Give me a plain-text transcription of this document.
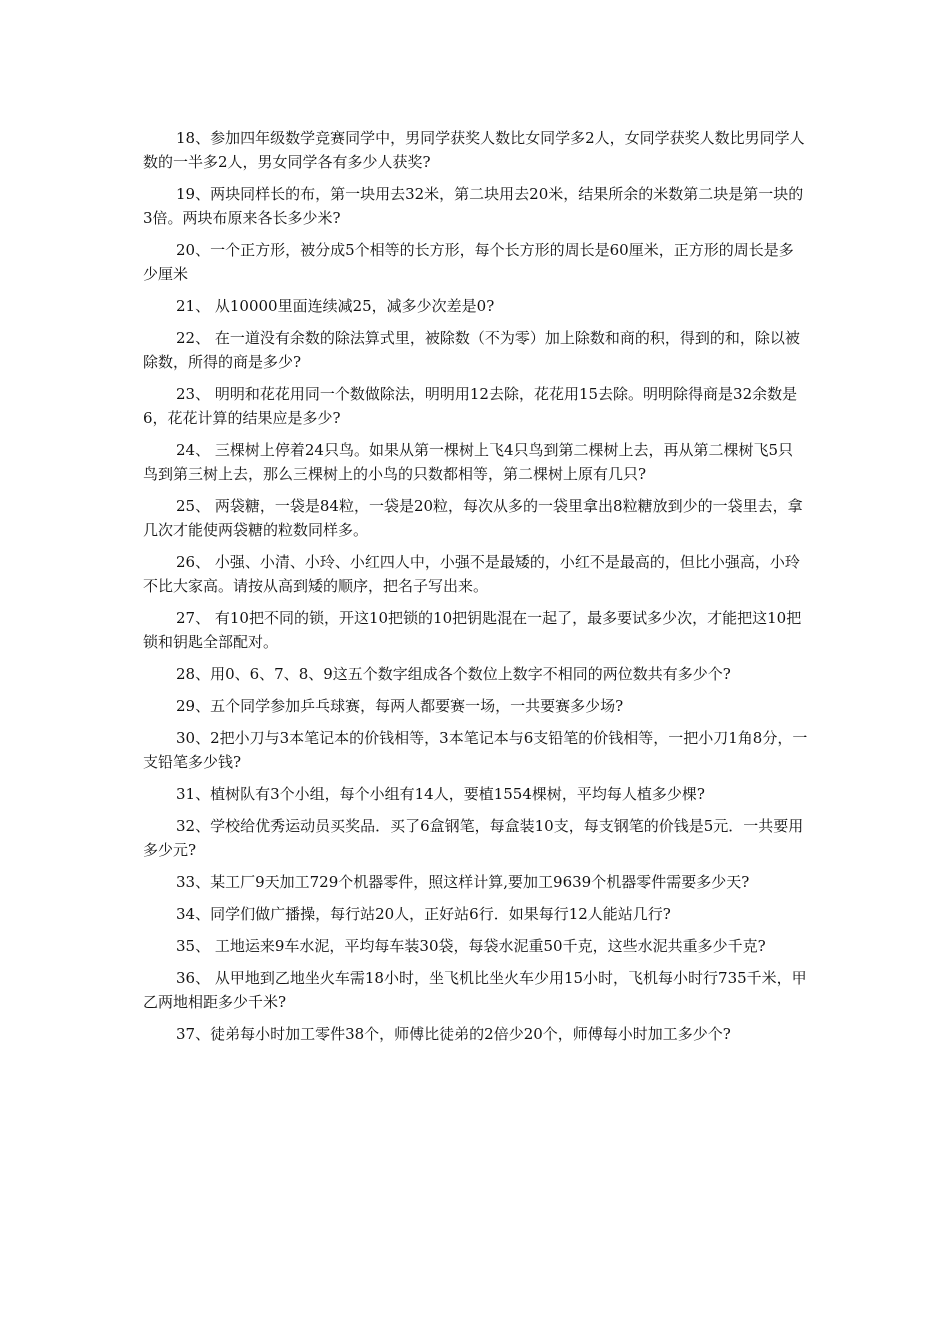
18、参加四年级数学竞赛同学中，男同学获奖人数比女同学多2人，女同学获奖人数比男同学人数的一半多2人，男女同学各有多少人获奖?

19、两块同样长的布，第一块用去32米，第二块用去20米，结果所余的米数第二块是第一块的3倍。两块布原来各长多少米?

20、一个正方形，被分成5个相等的长方形，每个长方形的周长是60厘米，正方形的周长是多少厘米

21、 从10000里面连续减25，减多少次差是0?

22、 在一道没有余数的除法算式里，被除数（不为零）加上除数和商的积，得到的和，除以被除数，所得的商是多少?

23、 明明和花花用同一个数做除法，明明用12去除，花花用15去除。明明除得商是32余数是6，花花计算的结果应是多少?

24、 三棵树上停着24只鸟。如果从第一棵树上飞4只鸟到第二棵树上去，再从第二棵树飞5只鸟到第三树上去，那么三棵树上的小鸟的只数都相等，第二棵树上原有几只?

25、 两袋糖，一袋是84粒，一袋是20粒，每次从多的一袋里拿出8粒糖放到少的一袋里去，拿几次才能使两袋糖的粒数同样多。

26、 小强、小清、小玲、小红四人中，小强不是最矮的，小红不是最高的，但比小强高，小玲不比大家高。请按从高到矮的顺序，把名子写出来。

27、 有10把不同的锁，开这10把锁的10把钥匙混在一起了，最多要试多少次，才能把这10把锁和钥匙全部配对。

28、用0、6、7、8、9这五个数字组成各个数位上数字不相同的两位数共有多少个?

29、五个同学参加乒乓球赛，每两人都要赛一场，一共要赛多少场?

30、2把小刀与3本笔记本的价钱相等，3本笔记本与6支铅笔的价钱相等，一把小刀1角8分，一支铅笔多少钱?

31、植树队有3个小组，每个小组有14人，要植1554棵树，平均每人植多少棵?

32、学校给优秀运动员买奖品．买了6盒钢笔，每盒装10支，每支钢笔的价钱是5元．一共要用多少元?

33、某工厂9天加工729个机器零件，照这样计算,要加工9639个机器零件需要多少天?

34、同学们做广播操，每行站20人，正好站6行．如果每行12人能站几行?

35、 工地运来9车水泥，平均每车装30袋，每袋水泥重50千克，这些水泥共重多少千克?

36、 从甲地到乙地坐火车需18小时，坐飞机比坐火车少用15小时，飞机每小时行735千米，甲乙两地相距多少千米?

37、徒弟每小时加工零件38个，师傅比徒弟的2倍少20个，师傅每小时加工多少个?
